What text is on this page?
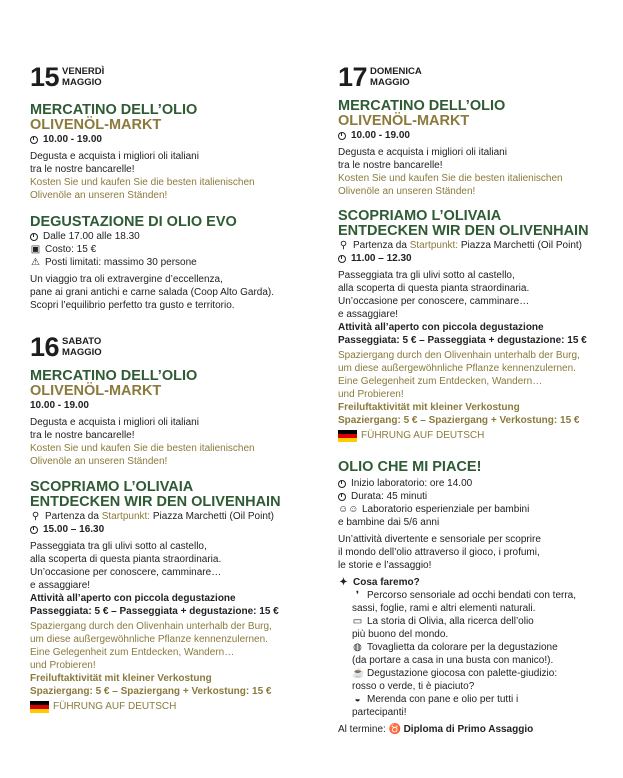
15 VENERDÌ
MAGGIO
MERCATINO DELL’OLIO
OLIVENÖL-MARKT
10.00 - 19.00
Degusta e acquista i migliori oli italiani
tra le nostre bancarelle!
Kosten Sie und kaufen Sie die besten italienischen
Olivenöle an unseren Ständen!
DEGUSTAZIONE DI OLIO EVO
Dalle 17.00 alle 18.30
▣ Costo: 15 €
⚠ Posti limitati: massimo 30 persone
Un viaggio tra oli extravergine d’eccellenza,
pane ai grani antichi e carne salada (Coop Alto Garda).
Scopri l’equilibrio perfetto tra gusto e territorio.
16 SABATO
MAGGIO
MERCATINO DELL’OLIO
OLIVENÖL-MARKT
10.00 - 19.00
Degusta e acquista i migliori oli italiani
tra le nostre bancarelle!
Kosten Sie und kaufen Sie die besten italienischen
Olivenöle an unseren Ständen!
SCOPRIAMO L’OLIVAIA
ENTDECKEN WIR DEN OLIVENHAIN
⚲ Partenza da
Startpunkt:
Piazza Marchetti (Oil Point)
15.00 – 16.30
Passeggiata tra gli ulivi sotto al castello,
alla scoperta di questa pianta straordinaria.
Un’occasione per conoscere, camminare…
e assaggiare!
Attività all’aperto con piccola degustazione
Passeggiata: 5 € – Passeggiata + degustazione: 15 €
Spaziergang durch den Olivenhain unterhalb der Burg,
um diese außergewöhnliche Pflanze kennenzulernen.
Eine Gelegenheit zum Entdecken, Wandern…
und Probieren!
Freiluftaktivität mit kleiner Verkostung
Spaziergang: 5 € – Spaziergang + Verkostung: 15 €
FÜHRUNG AUF DEUTSCH
17 DOMENICA
MAGGIO
MERCATINO DELL’OLIO
OLIVENÖL-MARKT
10.00 - 19.00
Degusta e acquista i migliori oli italiani
tra le nostre bancarelle!
Kosten Sie und kaufen Sie die besten italienischen
Olivenöle an unseren Ständen!
SCOPRIAMO L’OLIVAIA
ENTDECKEN WIR DEN OLIVENHAIN
⚲ Partenza da
Startpunkt:
Piazza Marchetti (Oil Point)
11.00 – 12.30
Passeggiata tra gli ulivi sotto al castello,
alla scoperta di questa pianta straordinaria.
Un’occasione per conoscere, camminare…
e assaggiare!
Attività all’aperto con piccola degustazione
Passeggiata: 5 € – Passeggiata + degustazione: 15 €
Spaziergang durch den Olivenhain unterhalb der Burg,
um diese außergewöhnliche Pflanze kennenzulernen.
Eine Gelegenheit zum Entdecken, Wandern…
und Probieren!
Freiluftaktivität mit kleiner Verkostung
Spaziergang: 5 € – Spaziergang + Verkostung: 15 €
FÜHRUNG AUF DEUTSCH
OLIO CHE MI PIACE!
Inizio laboratorio: ore 14.00
Durata: 45 minuti
☺☺ Laboratorio esperienziale per bambini
e bambine dai 5/6 anni
Un’attività divertente e sensoriale per scoprire
il mondo dell’olio attraverso il gioco, i profumi,
le storie e l’assaggio!
✦ Cosa faremo?
❜ Percorso sensoriale ad occhi bendati con terra,
sassi, foglie, rami e altri elementi naturali.
▭ La storia di Olivia, alla ricerca dell’olio
più buono del mondo.
◍ Tovaglietta da colorare per la degustazione
(da portare a casa in una busta con manico!).
☕ Degustazione giocosa con palette-giudizio:
rosso o verde, ti è piaciuto?
◒ Merenda con pane e olio per tutti i
partecipanti!
Al termine:
♉ Diploma di Primo Assaggio
